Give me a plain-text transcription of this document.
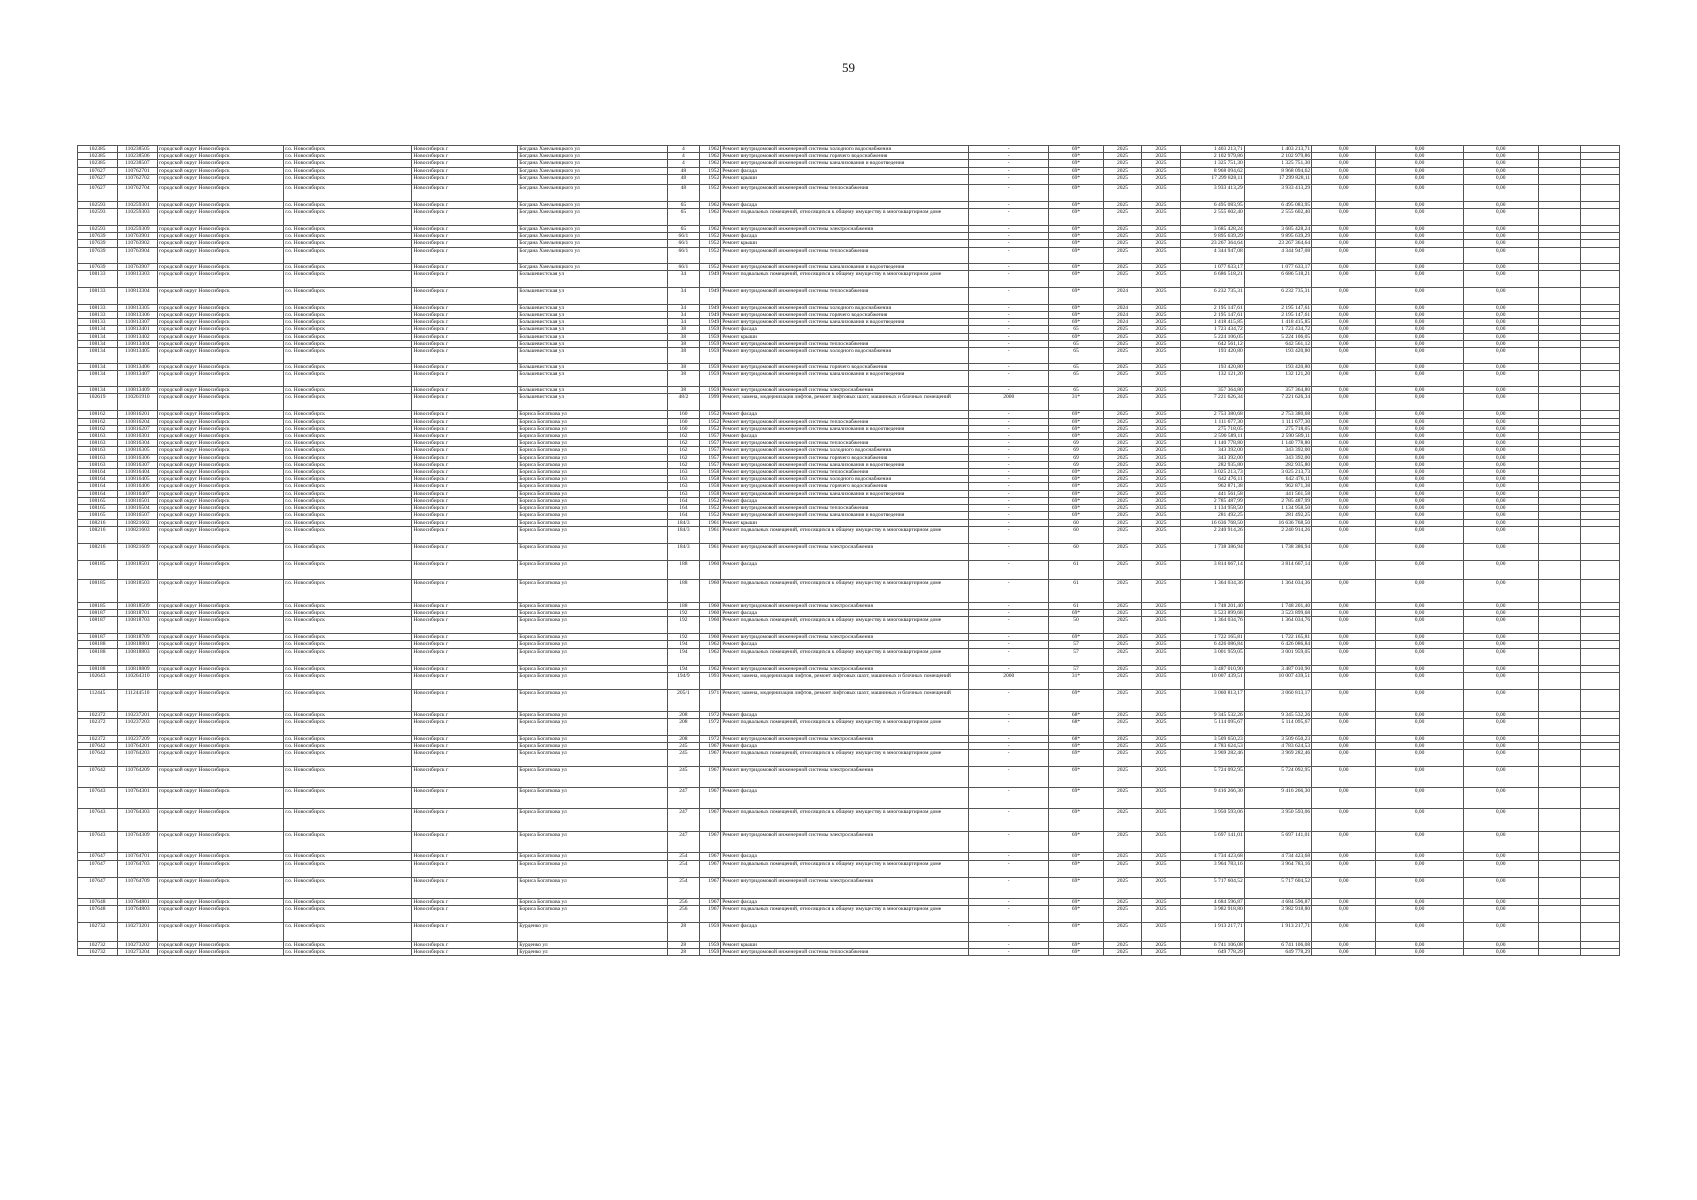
59
102385	110238505	городской округ Новосибирск	г.о. Новосибирск	Новосибирск г	Богдана Хмельницкого ул	4	1962	Ремонт внутридомовой инженерной системы холодного водоснабжения	-	69*	2025	2025	1 403 213,71	1 403 213,71	0,00	0,00	0,00		
102385	110238506	городской округ Новосибирск	г.о. Новосибирск	Новосибирск г	Богдана Хмельницкого ул	4	1962	Ремонт внутридомовой инженерной системы горячего водоснабжения	-	69*	2025	2025	2 102 979,86	2 102 979,86	0,00	0,00	0,00		
102385	110238507	городской округ Новосибирск	г.о. Новосибирск	Новосибирск г	Богдана Хмельницкого ул	4	1962	Ремонт внутридомовой инженерной системы канализования и водоотведения	-	69*	2025	2025	1 325 751,30	1 325 751,30	0,00	0,00	0,00		
107627	110762701	городской округ Новосибирск	г.о. Новосибирск	Новосибирск г	Богдана Хмельницкого ул	48	1952	Ремонт фасада	-	69*	2025	2025	8 968 094,62	8 968 094,62	0,00	0,00	0,00		
107627	110762702	городской округ Новосибирск	г.о. Новосибирск	Новосибирск г	Богдана Хмельницкого ул	48	1952	Ремонт крыши	-	69*	2025	2025	17 299 828,11	17 299 828,11	0,00	0,00	0,00		
107627	110762704	городской округ Новосибирск	г.о. Новосибирск	Новосибирск г	Богдана Хмельницкого ул	48	1952	Ремонт внутридомовой инженерной системы теплоснабжения	-	69*	2025	2025	3 933 413,29	3 933 413,29	0,00	0,00	0,00		
102593	110259301	городской округ Новосибирск	г.о. Новосибирск	Новосибирск г	Богдана Хмельницкого ул	65	1962	Ремонт фасада	-	69*	2025	2025	6 495 083,95	6 495 083,95	0,00	0,00	0,00		
102593	110259303	городской округ Новосибирск	г.о. Новосибирск	Новосибирск г	Богдана Хмельницкого ул	65	1962	Ремонт подвальных помещений, относящихся к общему имуществу в многоквартирном доме	-	69*	2025	2025	2 555 602,40	2 555 602,40	0,00	0,00	0,00		
102593	110259309	городской округ Новосибирск	г.о. Новосибирск	Новосибирск г	Богдана Хмельницкого ул	65	1962	Ремонт внутридомовой инженерной системы электроснабжения	-	69*	2025	2025	3 685 428,24	3 685 428,24	0,00	0,00	0,00		
107639	110763901	городской округ Новосибирск	г.о. Новосибирск	Новосибирск г	Богдана Хмельницкого ул	66/1	1952	Ремонт фасада	-	69*	2025	2025	9 895 639,29	9 895 639,29	0,00	0,00	0,00		
107639	110763902	городской округ Новосибирск	г.о. Новосибирск	Новосибирск г	Богдана Хмельницкого ул	66/1	1952	Ремонт крыши	-	69*	2025	2025	23 267 364,64	23 267 364,64	0,00	0,00	0,00		
107639	110763904	городской округ Новосибирск	г.о. Новосибирск	Новосибирск г	Богдана Хмельницкого ул	66/1	1952	Ремонт внутридомовой инженерной системы теплоснабжения	-	69*	2025	2025	4 344 947,08	4 344 947,08	0,00	0,00	0,00		
107639	110763907	городской округ Новосибирск	г.о. Новосибирск	Новосибирск г	Богдана Хмельницкого ул	66/1	1952	Ремонт внутридомовой инженерной системы канализования и водоотведения	-	69*	2025	2025	1 077 633,17	1 077 633,17	0,00	0,00	0,00		
108133	110813303	городской округ Новосибирск	г.о. Новосибирск	Новосибирск г	Большевистская ул	34	1949	Ремонт подвальных помещений, относящихся к общему имуществу в многоквартирном доме	-	69*	2025	2025	6 686 518,21	6 686 518,21	0,00	0,00	0,00		
108133	110813304	городской округ Новосибирск	г.о. Новосибирск	Новосибирск г	Большевистская ул	34	1949	Ремонт внутридомовой инженерной системы теплоснабжения	-	69*	2024	2025	6 232 735,31	6 232 735,31	0,00	0,00	0,00		
108133	110813305	городской округ Новосибирск	г.о. Новосибирск	Новосибирск г	Большевистская ул	34	1949	Ремонт внутридомовой инженерной системы холодного водоснабжения	-	69*	2024	2025	2 195 147,61	2 195 147,61	0,00	0,00	0,00		
108133	110813306	городской округ Новосибирск	г.о. Новосибирск	Новосибирск г	Большевистская ул	34	1949	Ремонт внутридомовой инженерной системы горячего водоснабжения	-	69*	2024	2025	2 195 147,61	2 195 147,61	0,00	0,00	0,00		
108133	110813307	городской округ Новосибирск	г.о. Новосибирск	Новосибирск г	Большевистская ул	34	1949	Ремонт внутридомовой инженерной системы канализования и водоотведения	-	69*	2024	2025	1 418 415,85	1 418 415,85	0,00	0,00	0,00		
108134	110813401	городской округ Новосибирск	г.о. Новосибирск	Новосибирск г	Большевистская ул	38	1959	Ремонт фасада	-	65	2025	2025	1 723 434,72	1 723 434,72	0,00	0,00	0,00		
108134	110813402	городской округ Новосибирск	г.о. Новосибирск	Новосибирск г	Большевистская ул	38	1959	Ремонт крыши	-	69*	2025	2025	5 224 106,05	5 224 106,05	0,00	0,00	0,00		
108134	110813404	городской округ Новосибирск	г.о. Новосибирск	Новосибирск г	Большевистская ул	38	1959	Ремонт внутридомовой инженерной системы теплоснабжения	-	65	2025	2025	642 561,12	642 561,12	0,00	0,00	0,00		
108134	110813405	городской округ Новосибирск	г.о. Новосибирск	Новосибирск г	Большевистская ул	38	1959	Ремонт внутридомовой инженерной системы холодного водоснабжения	-	65	2025	2025	193 420,80	193 420,80	0,00	0,00	0,00		
108134	110813406	городской округ Новосибирск	г.о. Новосибирск	Новосибирск г	Большевистская ул	38	1959	Ремонт внутридомовой инженерной системы горячего водоснабжения	-	65	2025	2025	193 420,80	193 420,80	0,00	0,00	0,00		
108134	110813407	городской округ Новосибирск	г.о. Новосибирск	Новосибирск г	Большевистская ул	38	1959	Ремонт внутридомовой инженерной системы канализования и водоотведения	-	65	2025	2025	132 121,20	132 121,20	0,00	0,00	0,00		
108134	110813409	городской округ Новосибирск	г.о. Новосибирск	Новосибирск г	Большевистская ул	38	1959	Ремонт внутридомовой инженерной системы электроснабжения	-	65	2025	2025	357 364,80	357 364,80	0,00	0,00	0,00		
102619	110261910	городской округ Новосибирск	г.о. Новосибирск	Новосибирск г	Большевистская ул	48/2	1999	Ремонт, замена, модернизация лифтов, ремонт лифтовых шахт, машинных и блочных помещений	2000	31*	2025	2025	7 221 626,34	7 221 626,34	0,00	0,00	0,00		
108162	110816201	городской округ Новосибирск	г.о. Новосибирск	Новосибирск г	Бориса Богаткова ул	160	1952	Ремонт фасада	-	69*	2025	2025	2 753 380,68	2 753 380,68	0,00	0,00	0,00		
108162	110816204	городской округ Новосибирск	г.о. Новосибирск	Новосибирск г	Бориса Богаткова ул	160	1952	Ремонт внутридомовой инженерной системы теплоснабжения	-	69*	2025	2025	1 111 677,30	1 111 677,30	0,00	0,00	0,00		
108162	110816207	городской округ Новосибирск	г.о. Новосибирск	Новосибирск г	Бориса Богаткова ул	160	1952	Ремонт внутридомовой инженерной системы канализования и водоотведения	-	69*	2025	2025	275 718,05	275 718,05	0,00	0,00	0,00		
108163	110816301	городской округ Новосибирск	г.о. Новосибирск	Новосибирск г	Бориса Богаткова ул	162	1957	Ремонт фасада	-	69*	2025	2025	2 590 589,11	2 590 589,11	0,00	0,00	0,00		
108163	110816304	городской округ Новосибирск	г.о. Новосибирск	Новосибирск г	Бориса Богаткова ул	162	1957	Ремонт внутридомовой инженерной системы теплоснабжения	-	69	2025	2025	1 140 778,80	1 140 778,80	0,00	0,00	0,00		
108163	110816305	городской округ Новосибирск	г.о. Новосибирск	Новосибирск г	Бориса Богаткова ул	162	1957	Ремонт внутридомовой инженерной системы холодного водоснабжения	-	69	2025	2025	343 392,00	343 392,00	0,00	0,00	0,00		
108163	110816306	городской округ Новосибирск	г.о. Новосибирск	Новосибирск г	Бориса Богаткова ул	162	1957	Ремонт внутридомовой инженерной системы горячего водоснабжения	-	69	2025	2025	343 392,00	343 392,00	0,00	0,00	0,00		
108163	110816307	городской округ Новосибирск	г.о. Новосибирск	Новосибирск г	Бориса Богаткова ул	162	1957	Ремонт внутридомовой инженерной системы канализования и водоотведения	-	69	2025	2025	282 935,80	282 935,80	0,00	0,00	0,00		
108164	110816404	городской округ Новосибирск	г.о. Новосибирск	Новосибирск г	Бориса Богаткова ул	163	1958	Ремонт внутридомовой инженерной системы теплоснабжения	-	69*	2025	2025	3 025 213,73	3 025 213,73	0,00	0,00	0,00		
108164	110816405	городской округ Новосибирск	г.о. Новосибирск	Новосибирск г	Бориса Богаткова ул	163	1958	Ремонт внутридомовой инженерной системы холодного водоснабжения	-	69*	2025	2025	642 476,11	642 476,11	0,00	0,00	0,00		
108164	110816406	городской округ Новосибирск	г.о. Новосибирск	Новосибирск г	Бориса Богаткова ул	163	1958	Ремонт внутридомовой инженерной системы горячего водоснабжения	-	69*	2025	2025	962 871,38	962 871,38	0,00	0,00	0,00		
108164	110816407	городской округ Новосибирск	г.о. Новосибирск	Новосибирск г	Бориса Богаткова ул	163	1958	Ремонт внутридомовой инженерной системы канализования и водоотведения	-	69*	2025	2025	441 561,58	441 561,58	0,00	0,00	0,00		
108165	110816501	городской округ Новосибирск	г.о. Новосибирск	Новосибирск г	Бориса Богаткова ул	164	1952	Ремонт фасада	-	69*	2025	2025	2 785 487,99	2 785 487,99	0,00	0,00	0,00		
108165	110816504	городской округ Новосибирск	г.о. Новосибирск	Новосибирск г	Бориса Богаткова ул	164	1952	Ремонт внутридомовой инженерной системы теплоснабжения	-	69*	2025	2025	1 134 958,50	1 134 958,50	0,00	0,00	0,00		
108165	110816507	городской округ Новосибирск	г.о. Новосибирск	Новосибирск г	Бориса Богаткова ул	164	1952	Ремонт внутридомовой инженерной системы канализования и водоотведения	-	69*	2025	2025	281 492,25	281 492,25	0,00	0,00	0,00		
108216	110821602	городской округ Новосибирск	г.о. Новосибирск	Новосибирск г	Бориса Богаткова ул	184/3	1961	Ремонт крыши	-	60	2025	2025	16 636 768,50	16 636 768,50	0,00	0,00	0,00		
108216	110821603	городской округ Новосибирск	г.о. Новосибирск	Новосибирск г	Бориса Богаткова ул	184/3	1961	Ремонт подвальных помещений, относящихся к общему имуществу в многоквартирном доме	-	60	2025	2025	2 240 914,26	2 240 914,26	0,00	0,00	0,00		
108216	110821609	городской округ Новосибирск	г.о. Новосибирск	Новосибирск г	Бориса Богаткова ул	184/3	1961	Ремонт внутридомовой инженерной системы электроснабжения	-	60	2025	2025	1 738 386,94	1 738 386,94	0,00	0,00	0,00		
108185	110818501	городской округ Новосибирск	г.о. Новосибирск	Новосибирск г	Бориса Богаткова ул	188	1960	Ремонт фасада	-	61	2025	2025	3 814 667,14	3 814 667,14	0,00	0,00	0,00		
108185	110818503	городской округ Новосибирск	г.о. Новосибирск	Новосибирск г	Бориса Богаткова ул	188	1960	Ремонт подвальных помещений, относящихся к общему имуществу в многоквартирном доме	-	61	2025	2025	1 364 034,36	1 364 034,36	0,00	0,00	0,00		
108185	110818509	городской округ Новосибирск	г.о. Новосибирск	Новосибирск г	Бориса Богаткова ул	188	1960	Ремонт внутридомовой инженерной системы электроснабжения	-	61	2025	2025	1 748 201,40	1 748 201,40	0,00	0,00	0,00		
108187	110818701	городской округ Новосибирск	г.о. Новосибирск	Новосибирск г	Бориса Богаткова ул	192	1960	Ремонт фасада	-	69*	2025	2025	3 523 899,68	3 523 899,68	0,00	0,00	0,00		
108187	110818703	городской округ Новосибирск	г.о. Новосибирск	Новосибирск г	Бориса Богаткова ул	192	1960	Ремонт подвальных помещений, относящихся к общему имуществу в многоквартирном доме	-	50	2025	2025	1 364 034,76	1 364 034,76	0,00	0,00	0,00		
108187	110818709	городской округ Новосибирск	г.о. Новосибирск	Новосибирск г	Бориса Богаткова ул	192	1960	Ремонт внутридомовой инженерной системы электроснабжения	-	69*	2025	2025	1 722 165,81	1 722 165,81	0,00	0,00	0,00		
108188	110818801	городской округ Новосибирск	г.о. Новосибирск	Новосибирск г	Бориса Богаткова ул	194	1962	Ремонт фасада	-	57	2025	2025	6 426 086,84	6 426 086,84	0,00	0,00	0,00		
108188	110818803	городской округ Новосибирск	г.о. Новосибирск	Новосибирск г	Бориса Богаткова ул	194	1962	Ремонт подвальных помещений, относящихся к общему имуществу в многоквартирном доме	-	57	2025	2025	3 001 959,05	3 001 959,05	0,00	0,00	0,00		
108188	110818809	городской округ Новосибирск	г.о. Новосибирск	Новосибирск г	Бориса Богаткова ул	194	1962	Ремонт внутридомовой инженерной системы электроснабжения	-	57	2025	2025	3 487 010,90	3 487 010,90	0,00	0,00	0,00		
102643	110264310	городской округ Новосибирск	г.о. Новосибирск	Новосибирск г	Бориса Богаткова ул	194/9	1993	Ремонт, замена, модернизация лифтов, ремонт лифтовых шахт, машинных и блочных помещений	2000	31*	2025	2025	10 007 439,51	10 007 439,51	0,00	0,00	0,00		
112445	111244510	городской округ Новосибирск	г.о. Новосибирск	Новосибирск г	Бориса Богаткова ул	205/1	1971	Ремонт, замена, модернизация лифтов, ремонт лифтовых шахт, машинных и блочных помещений	-	69*	2025	2025	3 060 813,17	3 060 813,17	0,00	0,00	0,00		
102372	110237201	городской округ Новосибирск	г.о. Новосибирск	Новосибирск г	Бориса Богаткова ул	208	1972	Ремонт фасада	-	68*	2025	2025	9 345 532,26	9 345 532,26	0,00	0,00	0,00		
102372	110237203	городской округ Новосибирск	г.о. Новосибирск	Новосибирск г	Бориса Богаткова ул	208	1972	Ремонт подвальных помещений, относящихся к общему имуществу в многоквартирном доме	-	68*	2025	2025	5 114 095,67	5 114 095,67	0,00	0,00	0,00		
102372	110237209	городской округ Новосибирск	г.о. Новосибирск	Новосибирск г	Бориса Богаткова ул	208	1972	Ремонт внутридомовой инженерной системы электроснабжения	-	68*	2025	2025	3 509 650,23	3 509 650,23	0,00	0,00	0,00		
107642	110764201	городской округ Новосибирск	г.о. Новосибирск	Новосибирск г	Бориса Богаткова ул	245	1967	Ремонт фасада	-	69*	2025	2025	4 783 624,53	4 783 624,53	0,00	0,00	0,00		
107642	110764203	городской округ Новосибирск	г.о. Новосибирск	Новосибирск г	Бориса Богаткова ул	245	1967	Ремонт подвальных помещений, относящихся к общему имуществу в многоквартирном доме	-	69*	2025	2025	3 969 282,46	3 969 282,46	0,00	0,00	0,00		
107642	110764209	городской округ Новосибирск	г.о. Новосибирск	Новосибирск г	Бориса Богаткова ул	245	1967	Ремонт внутридомовой инженерной системы электроснабжения	-	69*	2025	2025	5 724 092,95	5 724 092,95	0,00	0,00	0,00		
107643	110764301	городской округ Новосибирск	г.о. Новосибирск	Новосибирск г	Бориса Богаткова ул	247	1967	Ремонт фасада	-	69*	2025	2025	9 416 266,30	9 416 266,30	0,00	0,00	0,00		
107643	110764303	городской округ Новосибирск	г.о. Новосибирск	Новосибирск г	Бориса Богаткова ул	247	1967	Ремонт подвальных помещений, относящихся к общему имуществу в многоквартирном доме	-	69*	2025	2025	3 950 593,06	3 950 593,06	0,00	0,00	0,00		
107643	110764309	городской округ Новосибирск	г.о. Новосибирск	Новосибирск г	Бориса Богаткова ул	247	1967	Ремонт внутридомовой инженерной системы электроснабжения	-	69*	2025	2025	5 697 141,01	5 697 141,01	0,00	0,00	0,00		
107647	110764701	городской округ Новосибирск	г.о. Новосибирск	Новосибирск г	Бориса Богаткова ул	254	1967	Ремонт фасада	-	69*	2025	2025	4 734 423,68	4 734 423,68	0,00	0,00	0,00		
107647	110764703	городской округ Новосибирск	г.о. Новосибирск	Новосибирск г	Бориса Богаткова ул	254	1967	Ремонт подвальных помещений, относящихся к общему имуществу в многоквартирном доме	-	69*	2025	2025	3 964 783,16	3 964 783,16	0,00	0,00	0,00		
107647	110764709	городской округ Новосибирск	г.о. Новосибирск	Новосибирск г	Бориса Богаткова ул	254	1967	Ремонт внутридомовой инженерной системы электроснабжения	-	69*	2025	2025	5 717 604,52	5 717 604,52	0,00	0,00	0,00		
107648	110764801	городской округ Новосибирск	г.о. Новосибирск	Новосибирск г	Бориса Богаткова ул	256	1967	Ремонт фасада	-	69*	2025	2025	4 684 596,87	4 684 596,87	0,00	0,00	0,00		
107648	110764803	городской округ Новосибирск	г.о. Новосибирск	Новосибирск г	Бориса Богаткова ул	256	1967	Ремонт подвальных помещений, относящихся к общему имуществу в многоквартирном доме	-	69*	2025	2025	3 982 918,80	3 982 918,80	0,00	0,00	0,00		
102732	110273201	городской округ Новосибирск	г.о. Новосибирск	Новосибирск г	Бурденко ул	28	1959	Ремонт фасада	-	69*	2025	2025	1 913 217,71	1 913 217,71	0,00	0,00	0,00		
102732	110273202	городской округ Новосибирск	г.о. Новосибирск	Новосибирск г	Бурденко ул	28	1959	Ремонт крыши	-	69*	2025	2025	6 741 106,08	6 741 106,08	0,00	0,00	0,00		
102732	110273204	городской округ Новосибирск	г.о. Новосибирск	Новосибирск г	Бурденко ул	28	1959	Ремонт внутридомовой инженерной системы теплоснабжения	-	69*	2025	2025	649 778,29	649 778,29	0,00	0,00	0,00		
